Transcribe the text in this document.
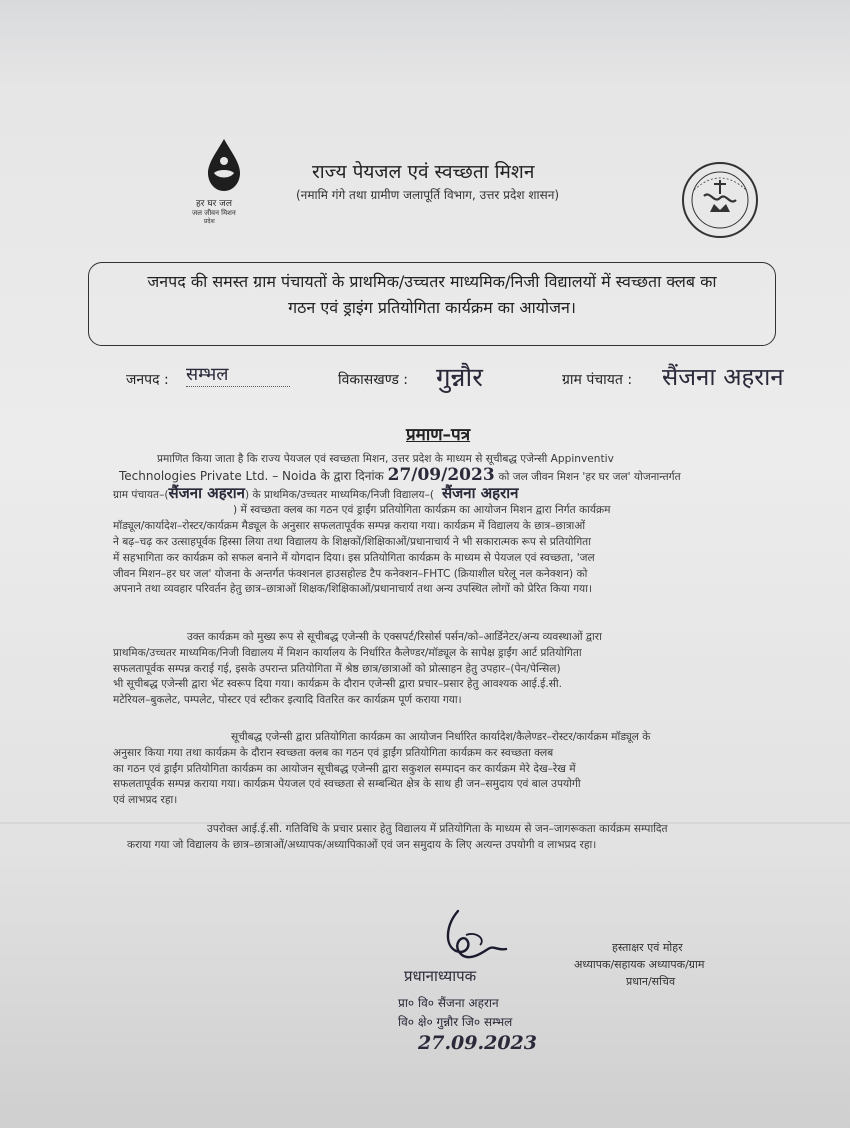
हर घर जल
जल जीवन मिशन
प्रदेश
राज्य पेयजल एवं स्वच्छता मिशन
(नमामि गंगे तथा ग्रामीण जलापूर्ति विभाग, उत्तर प्रदेश शासन)
जनपद की समस्त ग्राम पंचायतों के प्राथमिक/उच्चतर माध्यमिक/निजी विद्यालयों में स्वच्छता क्लब का
गठन एवं ड्राइंग प्रतियोगिता कार्यक्रम का आयोजन।
जनपद : सम्भल	विकासखण्ड : गुन्नौर	ग्राम पंचायत : सैंजना अहरान
प्रमाण–पत्र
प्रमाणित किया जाता है कि राज्य पेयजल एवं स्वच्छता मिशन, उत्तर प्रदेश के माध्यम से सूचीबद्ध एजेन्सी Appinventiv
Technologies Private Ltd. – Noida के द्वारा दिनांक 27/09/2023 को जल जीवन मिशन 'हर घर जल' योजनान्तर्गत
ग्राम पंचायत–(सैंजना अहरान) के प्राथमिक/उच्चतर माध्यमिक/निजी विद्यालय–( सैंजना अहरान
) में स्वच्छता क्लब का गठन एवं ड्राईंग प्रतियोगिता कार्यक्रम का आयोजन मिशन द्वारा निर्गत कार्यक्रम
मॉड्यूल/कार्यादेश–रोस्टर/कार्यक्रम मैड्यूल के अनुसार सफलतापूर्वक सम्पन्न कराया गया। कार्यक्रम में विद्यालय के छात्र–छात्राओं
ने बढ़–चढ़ कर उत्साहपूर्वक हिस्सा लिया तथा विद्यालय के शिक्षकों/शिक्षिकाओं/प्रधानाचार्य ने भी सकारात्मक रूप से प्रतियोगिता
में सहभागिता कर कार्यक्रम को सफल बनाने में योगदान दिया। इस प्रतियोगिता कार्यक्रम के माध्यम से पेयजल एवं स्वच्छता, 'जल
जीवन मिशन–हर घर जल' योजना के अन्तर्गत फंक्शनल हाउसहोल्ड टैप कनेक्शन–FHTC (क्रियाशील घरेलू नल कनेक्शन) को
अपनाने तथा व्यवहार परिवर्तन हेतु छात्र–छात्राओं शिक्षक/शिक्षिकाओं/प्रधानाचार्य तथा अन्य उपस्थित लोगों को प्रेरित किया गया।
उक्त कार्यक्रम को मुख्य रूप से सूचीबद्ध एजेन्सी के एक्सपर्ट/रिसोर्स पर्सन/को–आर्डिनेटर/अन्य व्यवस्थाओं द्वारा
प्राथमिक/उच्चतर माध्यमिक/निजी विद्यालय में मिशन कार्यालय के निर्धारित कैलेण्डर/मॉड्यूल के सापेक्ष ड्राईंग आर्ट प्रतियोगिता
सफलतापूर्वक सम्पन्न कराई गई, इसके उपरान्त प्रतियोगिता में श्रेष्ठ छात्र/छात्राओं को प्रोत्साहन हेतु उपहार–(पेन/पेन्सिल)
भी सूचीबद्ध एजेन्सी द्वारा भेंट स्वरूप दिया गया। कार्यक्रम के दौरान एजेन्सी द्वारा प्रचार–प्रसार हेतु आवश्यक आई.ई.सी.
मटेरियल–बुकलेट, पम्पलेट, पोस्टर एवं स्टीकर इत्यादि वितरित कर कार्यक्रम पूर्ण कराया गया।
सूचीबद्ध एजेन्सी द्वारा प्रतियोगिता कार्यक्रम का आयोजन निर्धारित कार्यादेश/कैलेण्डर–रोस्टर/कार्यक्रम मॉड्यूल के
अनुसार किया गया तथा कार्यक्रम के दौरान स्वच्छता क्लब का गठन एवं ड्राईंग प्रतियोगिता कार्यक्रम कर स्वच्छता क्लब
का गठन एवं ड्राईंग प्रतियोगिता कार्यक्रम का आयोजन सूचीबद्ध एजेन्सी द्वारा सकुशल सम्पादन कर कार्यक्रम मेरे देख–रेख में
सफलतापूर्वक सम्पन्न कराया गया। कार्यक्रम पेयजल एवं स्वच्छता से सम्बन्धित क्षेत्र के साथ ही जन–समुदाय एवं बाल उपयोगी
एवं लाभप्रद रहा।
उपरोक्त आई.ई.सी. गतिविधि के प्रचार प्रसार हेतु विद्यालय में प्रतियोगिता के माध्यम से जन–जागरूकता कार्यक्रम सम्पादित
कराया गया जो विद्यालय के छात्र–छात्राओं/अध्यापक/अध्यापिकाओं एवं जन समुदाय के लिए अत्यन्त उपयोगी व लाभप्रद रहा।
प्रधानाध्यापक
प्रा० वि० सैंजना अहरान
वि० क्षे० गुन्नौर जि० सम्भल
27.09.2023
हस्ताक्षर एवं मोहर
अध्यापक/सहायक अध्यापक/ग्राम
प्रधान/सचिव
